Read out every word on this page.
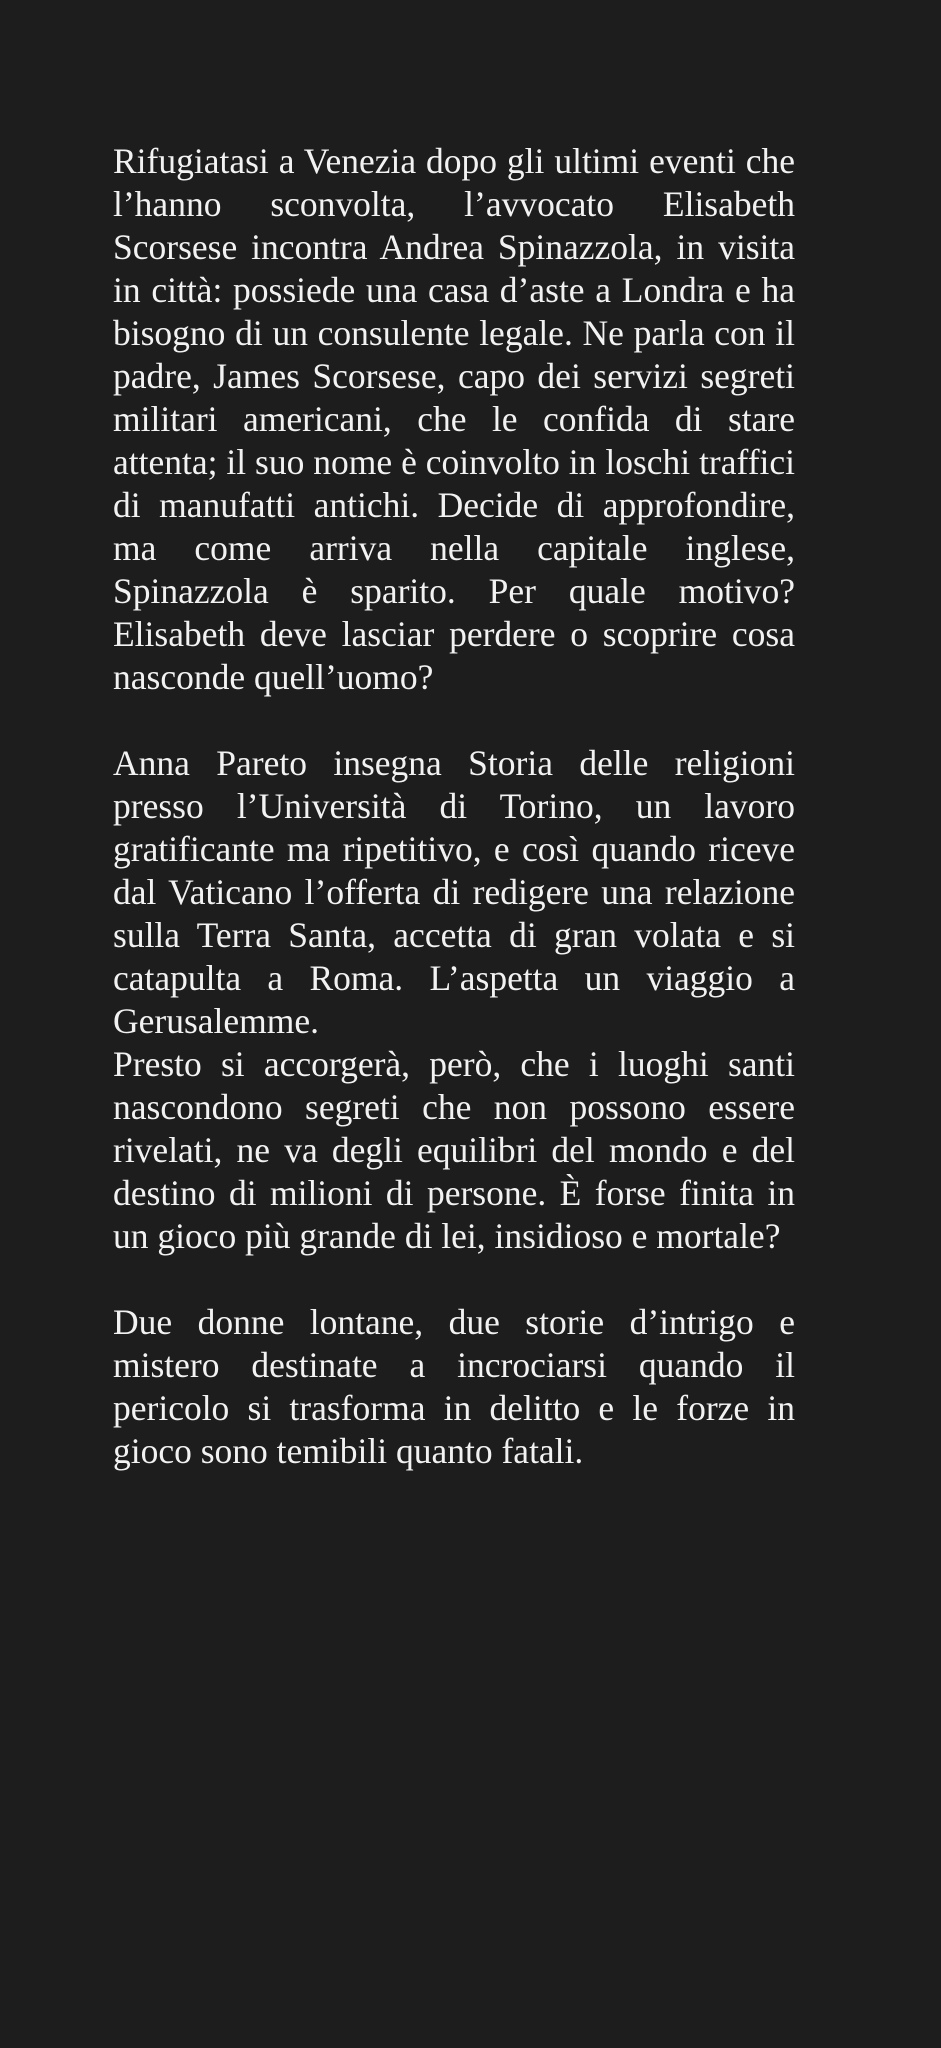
Rifugiatasi a Venezia dopo gli ultimi eventi che l’hanno sconvolta, l’avvocato Elisabeth Scorsese incontra Andrea Spinazzola, in visita in città: possiede una casa d’aste a Londra e ha bisogno di un consulente legale. Ne parla con il padre, James Scorsese, capo dei servizi segreti militari americani, che le confida di stare attenta; il suo nome è coinvolto in loschi traffici di manufatti antichi. Decide di approfondire, ma come arriva nella capitale inglese, Spinazzola è sparito. Per quale motivo? Elisabeth deve lasciar perdere o scoprire cosa nasconde quell’uomo?

Anna Pareto insegna Storia delle religioni presso l’Università di Torino, un lavoro gratificante ma ripetitivo, e così quando riceve dal Vaticano l’offerta di redigere una relazione sulla Terra Santa, accetta di gran volata e si catapulta a Roma. L’aspetta un viaggio a Gerusalemme.

Presto si accorgerà, però, che i luoghi santi nascondono segreti che non possono essere rivelati, ne va degli equilibri del mondo e del destino di milioni di persone. È forse finita in un gioco più grande di lei, insidioso e mortale?

Due donne lontane, due storie d’intrigo e mistero destinate a incrociarsi quando il pericolo si trasforma in delitto e le forze in gioco sono temibili quanto fatali.
